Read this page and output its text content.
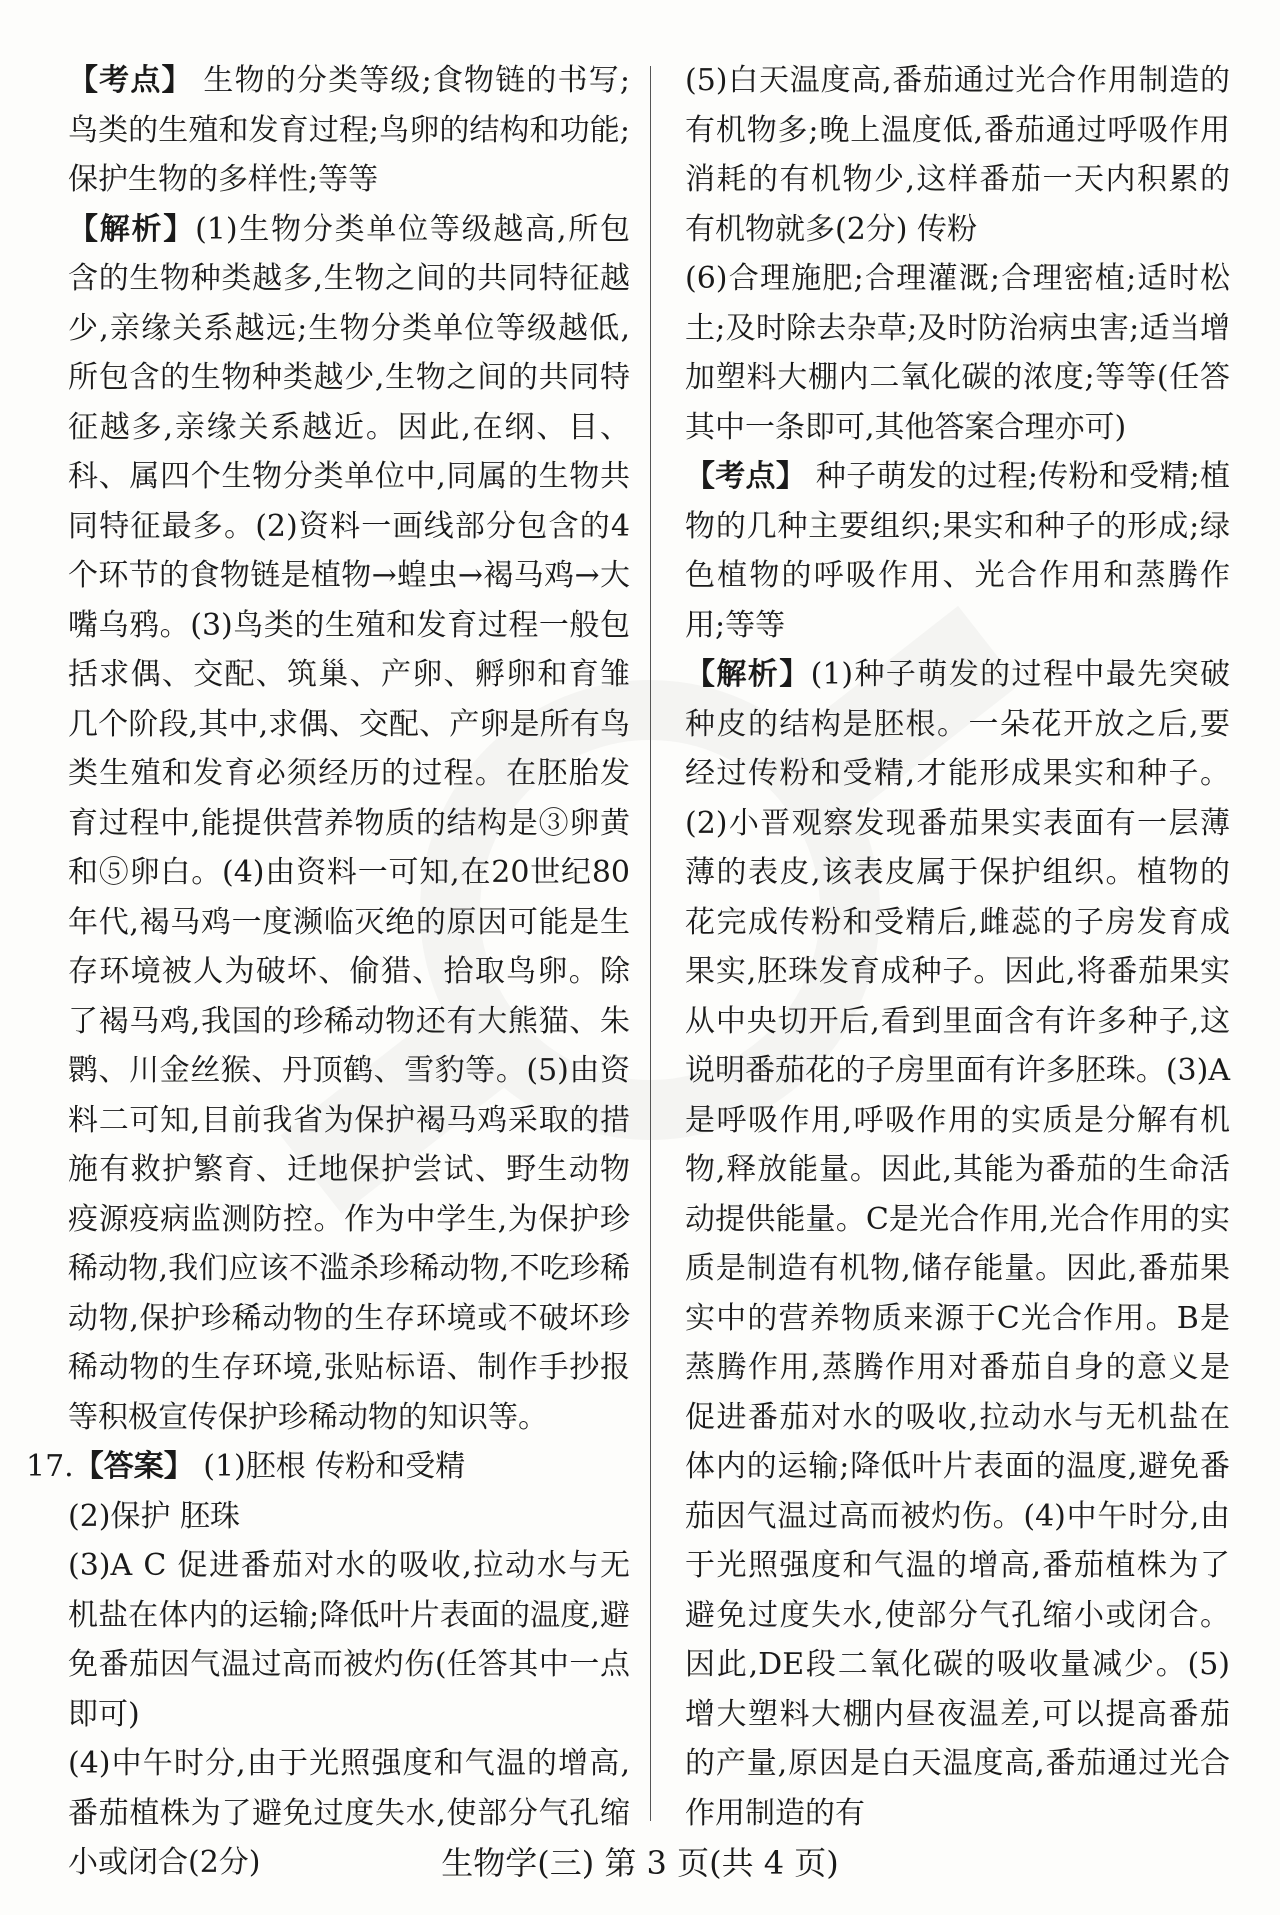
【考点】 生物的分类等级;食物链的书写;鸟类的生殖和发育过程;鸟卵的结构和功能;保护生物的多样性;等等

【解析】(1)生物分类单位等级越高,所包含的生物种类越多,生物之间的共同特征越少,亲缘关系越远;生物分类单位等级越低,所包含的生物种类越少,生物之间的共同特征越多,亲缘关系越近。因此,在纲、目、科、属四个生物分类单位中,同属的生物共同特征最多。(2)资料一画线部分包含的4个环节的食物链是植物→蝗虫→褐马鸡→大嘴乌鸦。(3)鸟类的生殖和发育过程一般包括求偶、交配、筑巢、产卵、孵卵和育雏几个阶段,其中,求偶、交配、产卵是所有鸟类生殖和发育必须经历的过程。在胚胎发育过程中,能提供营养物质的结构是③卵黄和⑤卵白。(4)由资料一可知,在20世纪80年代,褐马鸡一度濒临灭绝的原因可能是生存环境被人为破坏、偷猎、拾取鸟卵。除了褐马鸡,我国的珍稀动物还有大熊猫、朱鹮、川金丝猴、丹顶鹤、雪豹等。(5)由资料二可知,目前我省为保护褐马鸡采取的措施有救护繁育、迁地保护尝试、野生动物疫源疫病监测防控。作为中学生,为保护珍稀动物,我们应该不滥杀珍稀动物,不吃珍稀动物,保护珍稀动物的生存环境或不破坏珍稀动物的生存环境,张贴标语、制作手抄报等积极宣传保护珍稀动物的知识等。

17.【答案】 (1)胚根 传粉和受精

(2)保护 胚珠

(3)A C 促进番茄对水的吸收,拉动水与无机盐在体内的运输;降低叶片表面的温度,避免番茄因气温过高而被灼伤(任答其中一点即可)

(4)中午时分,由于光照强度和气温的增高,番茄植株为了避免过度失水,使部分气孔缩小或闭合(2分)

(5)白天温度高,番茄通过光合作用制造的有机物多;晚上温度低,番茄通过呼吸作用消耗的有机物少,这样番茄一天内积累的有机物就多(2分) 传粉

(6)合理施肥;合理灌溉;合理密植;适时松土;及时除去杂草;及时防治病虫害;适当增加塑料大棚内二氧化碳的浓度;等等(任答其中一条即可,其他答案合理亦可)

【考点】 种子萌发的过程;传粉和受精;植物的几种主要组织;果实和种子的形成;绿色植物的呼吸作用、光合作用和蒸腾作用;等等

【解析】(1)种子萌发的过程中最先突破种皮的结构是胚根。一朵花开放之后,要经过传粉和受精,才能形成果实和种子。(2)小晋观察发现番茄果实表面有一层薄薄的表皮,该表皮属于保护组织。植物的花完成传粉和受精后,雌蕊的子房发育成果实,胚珠发育成种子。因此,将番茄果实从中央切开后,看到里面含有许多种子,这说明番茄花的子房里面有许多胚珠。(3)A是呼吸作用,呼吸作用的实质是分解有机物,释放能量。因此,其能为番茄的生命活动提供能量。C是光合作用,光合作用的实质是制造有机物,储存能量。因此,番茄果实中的营养物质来源于C光合作用。B是蒸腾作用,蒸腾作用对番茄自身的意义是促进番茄对水的吸收,拉动水与无机盐在体内的运输;降低叶片表面的温度,避免番茄因气温过高而被灼伤。(4)中午时分,由于光照强度和气温的增高,番茄植株为了避免过度失水,使部分气孔缩小或闭合。因此,DE段二氧化碳的吸收量减少。(5)增大塑料大棚内昼夜温差,可以提高番茄的产量,原因是白天温度高,番茄通过光合作用制造的有

生物学(三) 第 3 页(共 4 页)
